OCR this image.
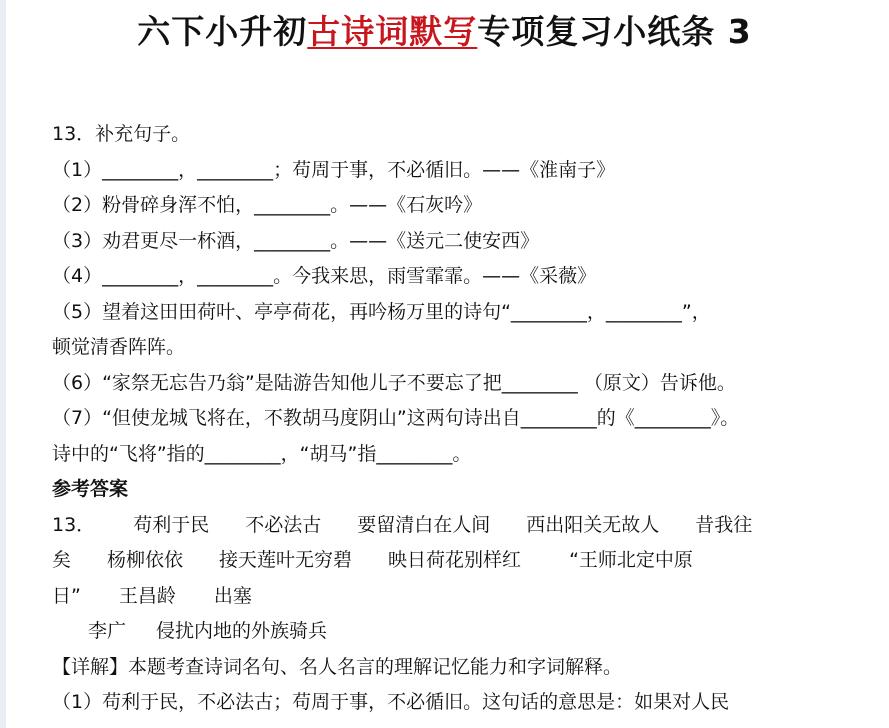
六下小升初古诗词默写专项复习小纸条 3
13．补充句子。
（1）________，________；苟周于事，不必循旧。——《淮南子》
（2）粉骨碎身浑不怕，________。——《石灰吟》
（3）劝君更尽一杯酒，________。——《送元二使安西》
（4）________，________。今我来思，雨雪霏霏。——《采薇》
（5）望着这田田荷叶、亭亭荷花，再吟杨万里的诗句“________，________”，
顿觉清香阵阵。
（6）“家祭无忘告乃翁”是陆游告知他儿子不要忘了把________ （原文）告诉他。
（7）“但使龙城飞将在，不教胡马度阴山”这两句诗出自________的《________》。
诗中的“飞将”指的________，“胡马”指________。
参考答案
13． 苟利于民 不必法古 要留清白在人间 西出阳关无故人 昔我往
矣 杨柳依依 接天莲叶无穷碧 映日荷花别样红	“王师北定中原
日” 王昌龄 出塞
李广 侵扰内地的外族骑兵
【详解】本题考查诗词名句、名人名言的理解记忆能力和字词解释。
（1）苟利于民，不必法古；苟周于事，不必循旧。这句话的意思是：如果对人民
